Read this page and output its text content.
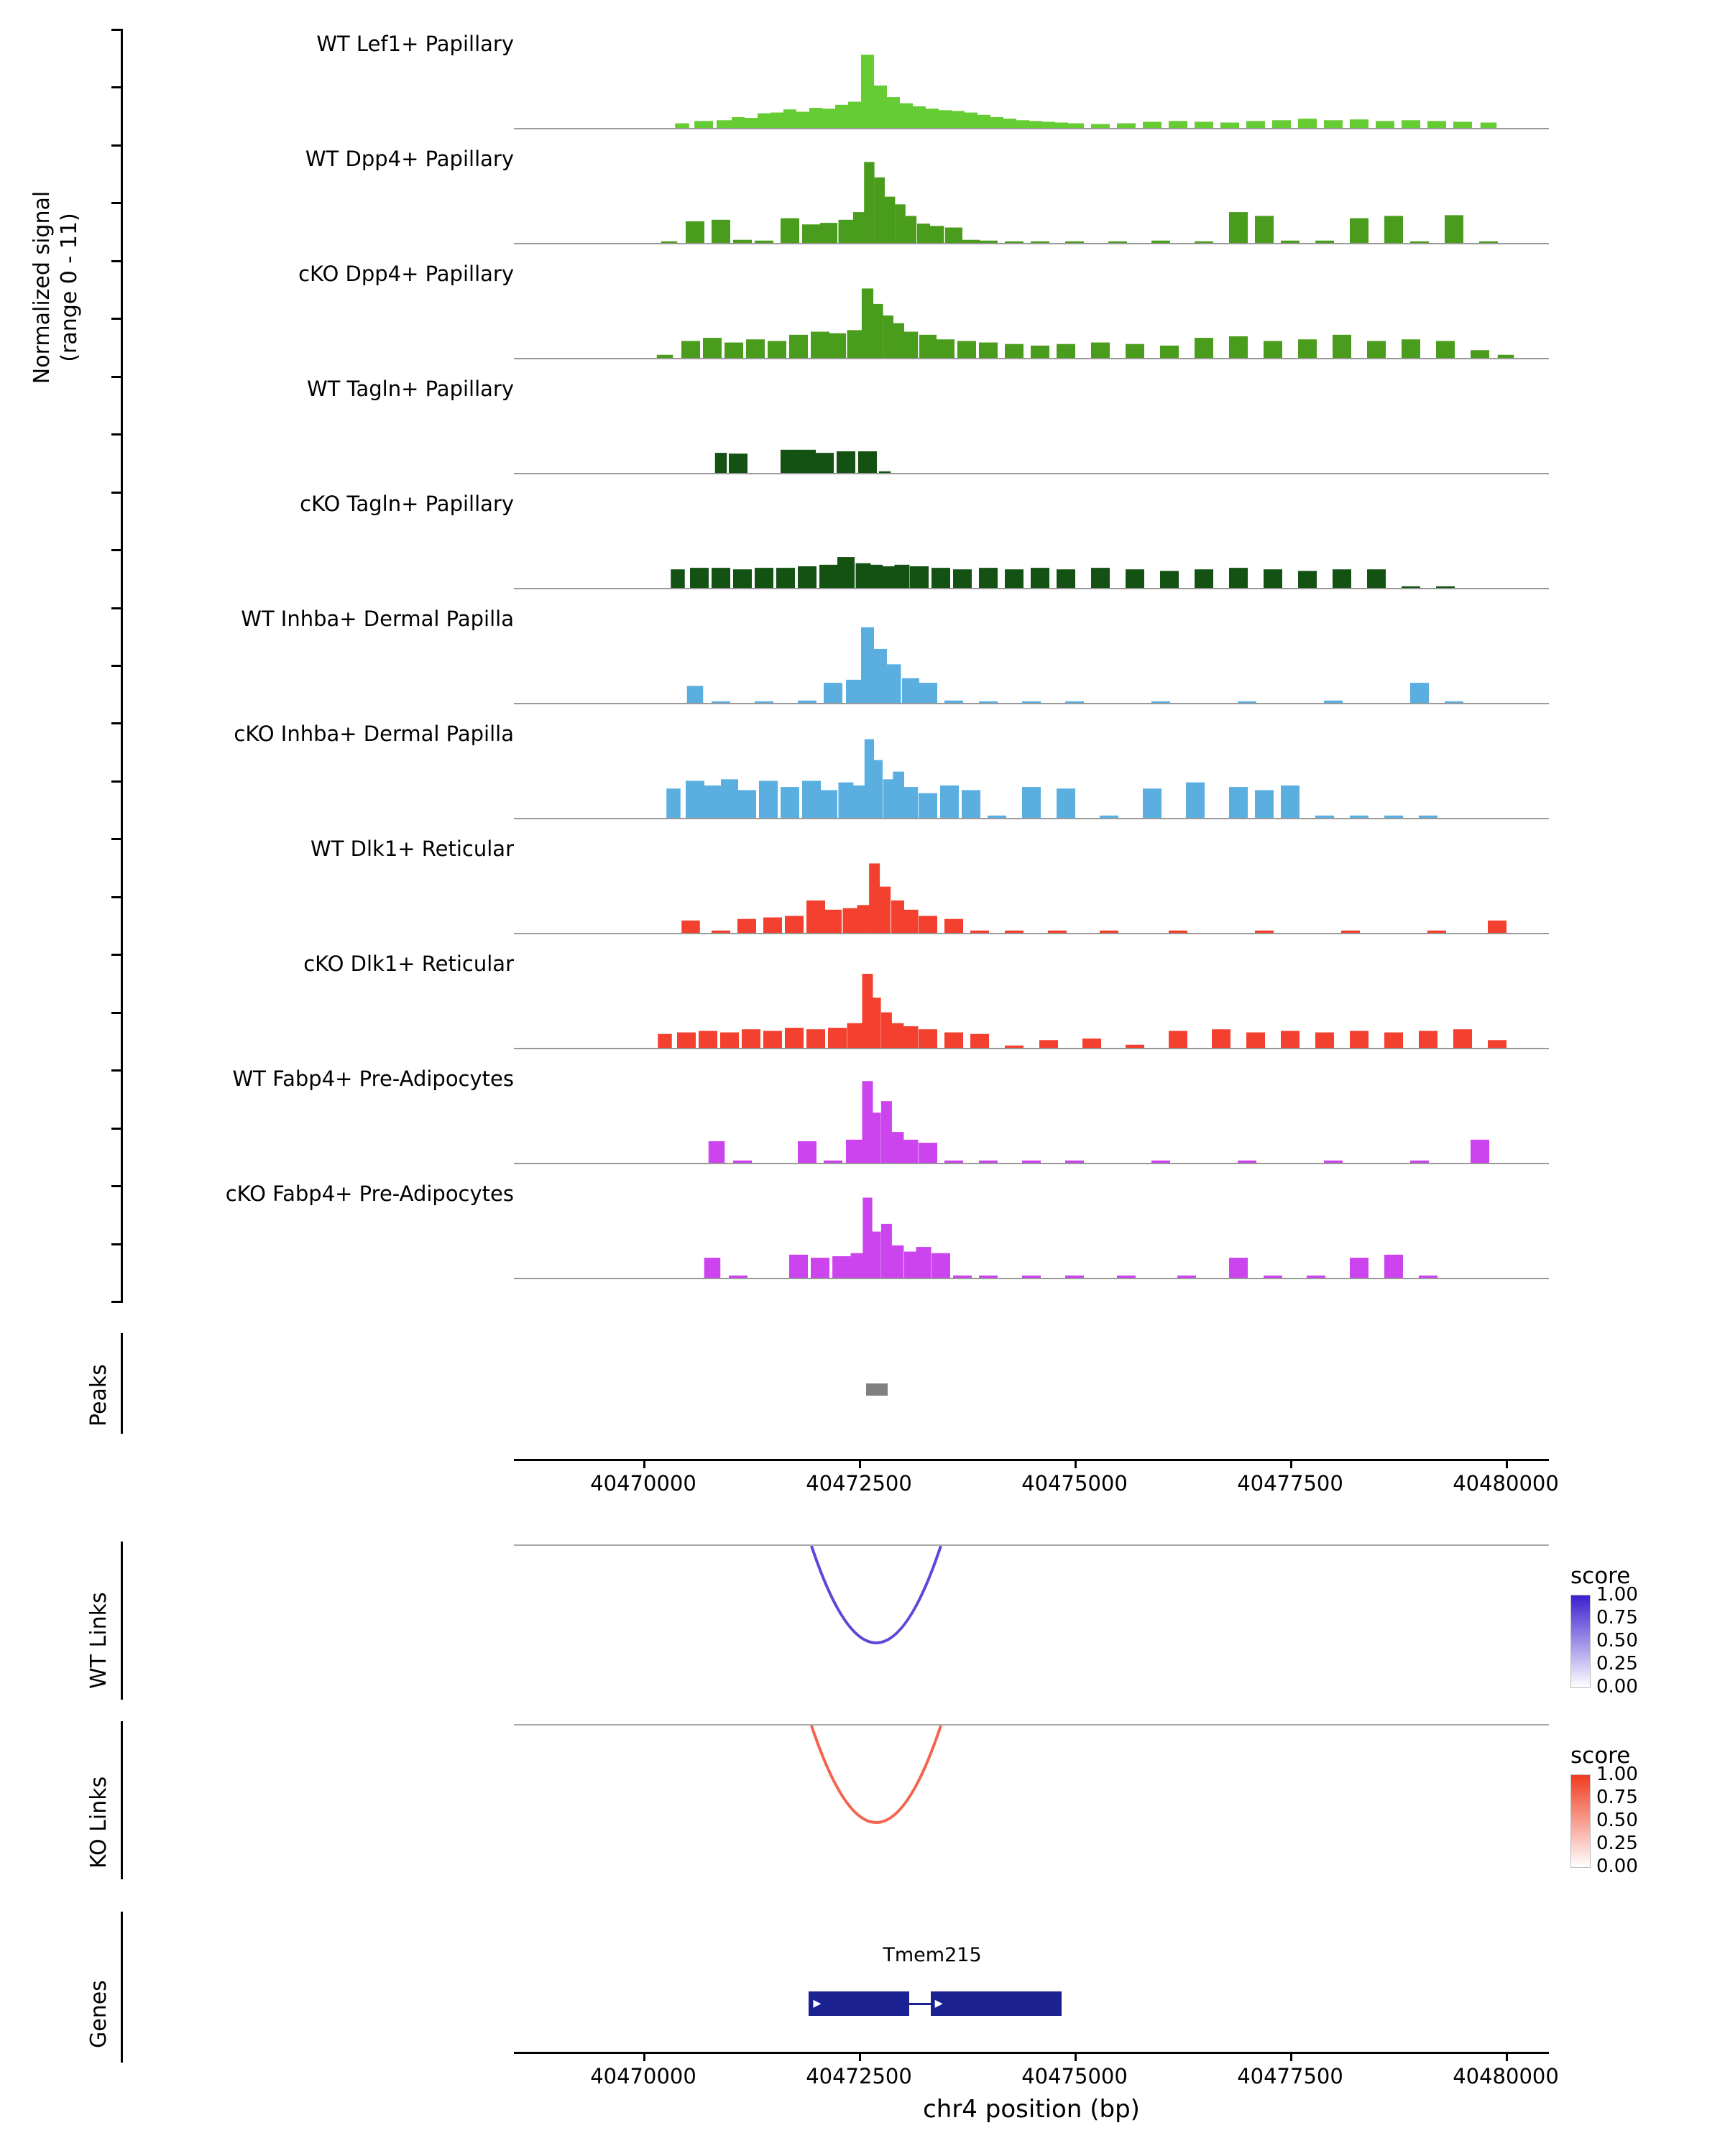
Normalized signal (range 0 - 11)
WT Lef1+ Papillary
WT Dpp4+ Papillary
cKO Dpp4+ Papillary
WT Tagln+ Papillary
cKO Tagln+ Papillary
WT Inhba+ Dermal Papilla
cKO Inhba+ Dermal Papilla
WT Dlk1+ Reticular
cKO Dlk1+ Reticular
WT Fabp4+ Pre-Adipocytes
cKO Fabp4+ Pre-Adipocytes
Peaks
40470000	40472500	40475000	40477500	40480000
WT Links
score
1.00
0.75
0.50
0.25
0.00
KO Links
score
1.00
0.75
0.50
0.25
0.00
Genes
Tmem215
▸	▸
40470000	40472500	40475000	40477500	40480000
chr4 position (bp)
